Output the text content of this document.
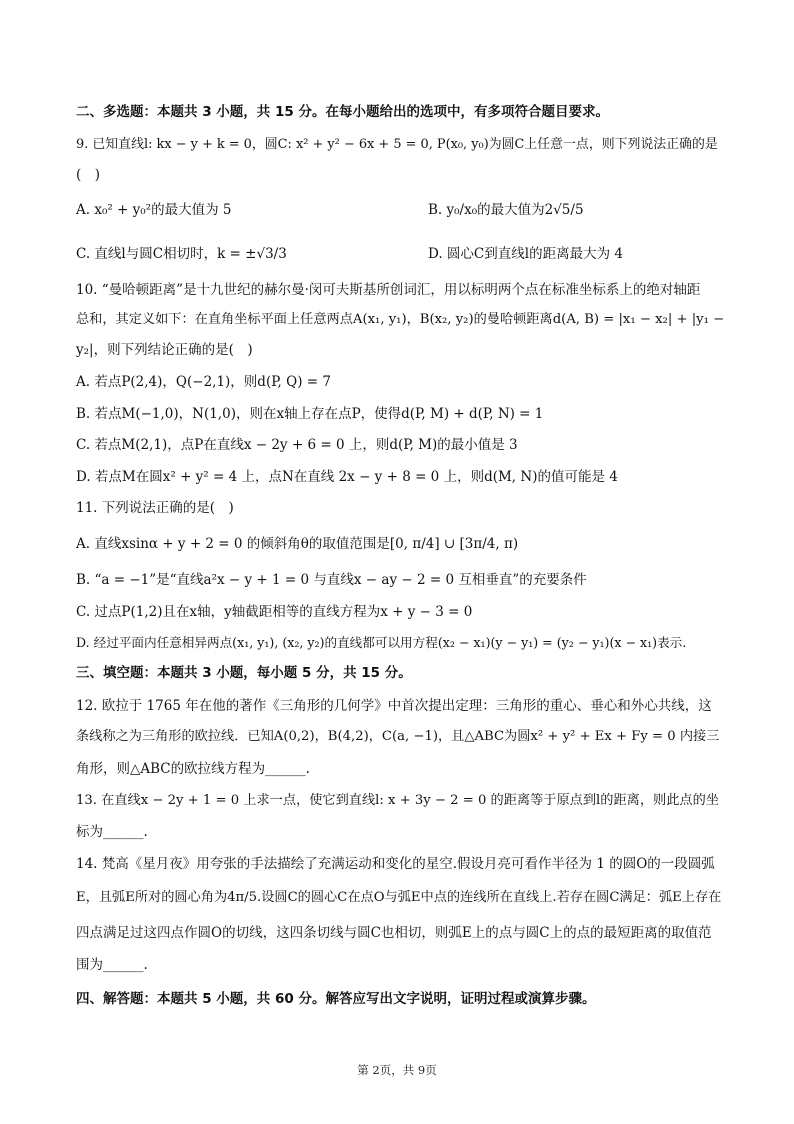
二、多选题：本题共 3 小题，共 15 分。在每小题给出的选项中，有多项符合题目要求。
9. 已知直线l: kx − y + k = 0，圆C: x² + y² − 6x + 5 = 0, P(x₀, y₀)为圆C上任意一点，则下列说法正确的是
(　)
A. x₀² + y₀²的最大值为 5	B. y₀/x₀的最大值为2√5/5
C. 直线l与圆C相切时，k = ±√3/3	D. 圆心C到直线l的距离最大为 4
10. “曼哈顿距离”是十九世纪的赫尔曼·闵可夫斯基所创词汇，用以标明两个点在标准坐标系上的绝对轴距
总和，其定义如下：在直角坐标平面上任意两点A(x₁, y₁)，B(x₂, y₂)的曼哈顿距离d(A, B) = |x₁ − x₂| + |y₁ −
y₂|，则下列结论正确的是(　)
A. 若点P(2,4)，Q(−2,1)，则d(P, Q) = 7
B. 若点M(−1,0)，N(1,0)，则在x轴上存在点P，使得d(P, M) + d(P, N) = 1
C. 若点M(2,1)，点P在直线x − 2y + 6 = 0 上，则d(P, M)的最小值是 3
D. 若点M在圆x² + y² = 4 上，点N在直线 2x − y + 8 = 0 上，则d(M, N)的值可能是 4
11. 下列说法正确的是(　)
A. 直线xsinα + y + 2 = 0 的倾斜角θ的取值范围是[0, π/4] ∪ [3π/4, π)
B. “a = −1”是“直线a²x − y + 1 = 0 与直线x − ay − 2 = 0 互相垂直”的充要条件
C. 过点P(1,2)且在x轴，y轴截距相等的直线方程为x + y − 3 = 0
D. 经过平面内任意相异两点(x₁, y₁), (x₂, y₂)的直线都可以用方程(x₂ − x₁)(y − y₁) = (y₂ − y₁)(x − x₁)表示.
三、填空题：本题共 3 小题，每小题 5 分，共 15 分。
12. 欧拉于 1765 年在他的著作《三角形的几何学》中首次提出定理：三角形的重心、垂心和外心共线，这
条线称之为三角形的欧拉线．已知A(0,2)，B(4,2)，C(a, −1)，且△ABC为圆x² + y² + Ex + Fy = 0 内接三
角形，则△ABC的欧拉线方程为______.
13. 在直线x − 2y + 1 = 0 上求一点，使它到直线l: x + 3y − 2 = 0 的距离等于原点到l的距离，则此点的坐
标为______.
14. 梵高《星月夜》用夸张的手法描绘了充满运动和变化的星空.假设月亮可看作半径为 1 的圆O的一段圆弧
E，且弧E所对的圆心角为4π/5.设圆C的圆心C在点O与弧E中点的连线所在直线上.若存在圆C满足：弧E上存在
四点满足过这四点作圆O的切线，这四条切线与圆C也相切，则弧E上的点与圆C上的点的最短距离的取值范
围为______.
四、解答题：本题共 5 小题，共 60 分。解答应写出文字说明，证明过程或演算步骤。
第 2页，共 9页
